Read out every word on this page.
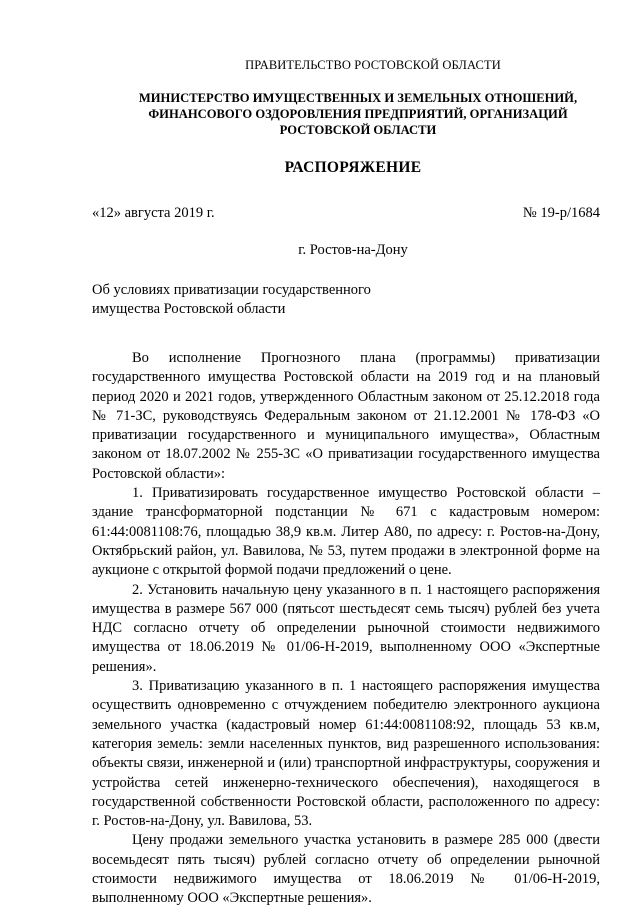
ПРАВИТЕЛЬСТВО РОСТОВСКОЙ ОБЛАСТИ
МИНИСТЕРСТВО ИМУЩЕСТВЕННЫХ И ЗЕМЕЛЬНЫХ ОТНОШЕНИЙ, ФИНАНСОВОГО ОЗДОРОВЛЕНИЯ ПРЕДПРИЯТИЙ, ОРГАНИЗАЦИЙ РОСТОВСКОЙ ОБЛАСТИ
РАСПОРЯЖЕНИЕ
«12» августа 2019 г.	№ 19-р/1684
г. Ростов-на-Дону
Об условиях приватизации государственного имущества Ростовской области

Во исполнение Прогнозного плана (программы) приватизации государственного имущества Ростовской области на 2019 год и на плановый период 2020 и 2021 годов, утвержденного Областным законом от 25.12.2018 года № 71-ЗС, руководствуясь Федеральным законом от 21.12.2001 № 178-ФЗ «О приватизации государственного и муниципального имущества», Областным законом от 18.07.2002 № 255-ЗС «О приватизации государственного имущества Ростовской области»:

1. Приватизировать государственное имущество Ростовской области – здание трансформаторной подстанции № 671 с кадастровым номером: 61:44:0081108:76, площадью 38,9 кв.м. Литер А80, по адресу: г. Ростов-на-Дону, Октябрьский район, ул. Вавилова, № 53, путем продажи в электронной форме на аукционе с открытой формой подачи предложений о цене.

2. Установить начальную цену указанного в п. 1 настоящего распоряжения имущества в размере 567 000 (пятьсот шестьдесят семь тысяч) рублей без учета НДС согласно отчету об определении рыночной стоимости недвижимого имущества от 18.06.2019 № 01/06-Н-2019, выполненному ООО «Экспертные решения».

3. Приватизацию указанного в п. 1 настоящего распоряжения имущества осуществить одновременно с отчуждением победителю электронного аукциона земельного участка (кадастровый номер 61:44:0081108:92, площадь 53 кв.м, категория земель: земли населенных пунктов, вид разрешенного использования: объекты связи, инженерной и (или) транспортной инфраструктуры, сооружения и устройства сетей инженерно-технического обеспечения), находящегося в государственной собственности Ростовской области, расположенного по адресу: г. Ростов-на-Дону, ул. Вавилова, 53.

Цену продажи земельного участка установить в размере 285 000 (двести восемьдесят пять тысяч) рублей согласно отчету об определении рыночной стоимости недвижимого имущества от 18.06.2019 № 01/06-Н-2019, выполненному ООО «Экспертные решения».
